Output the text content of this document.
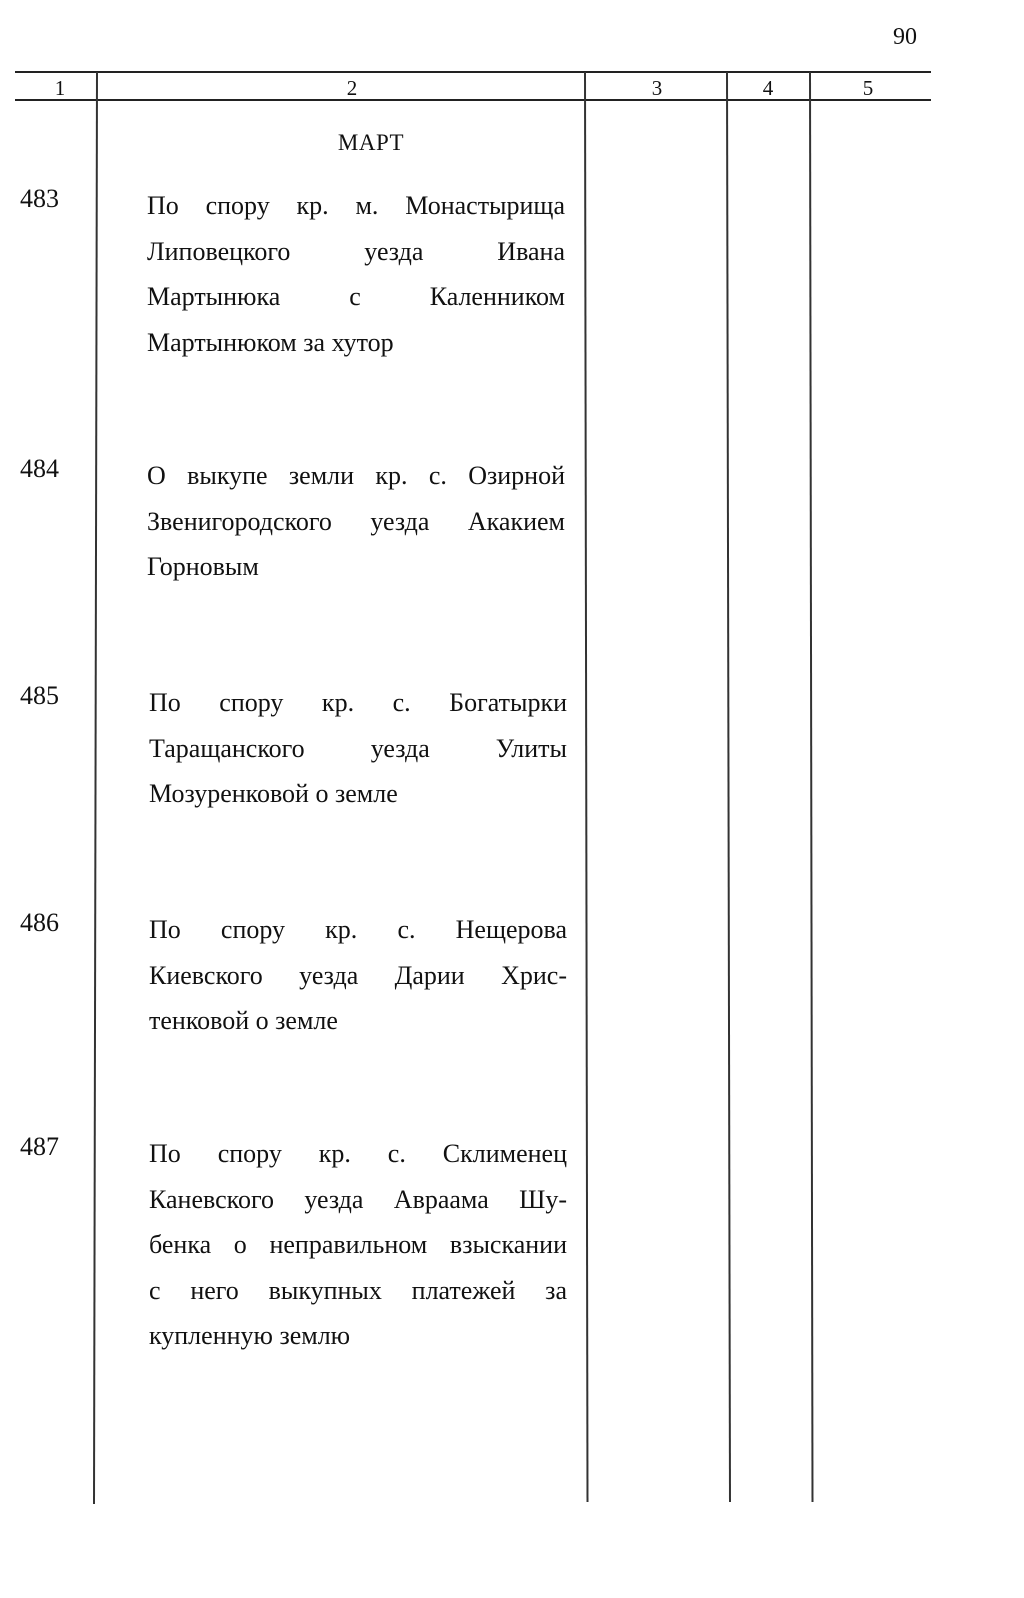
90
1	2	3	4	5
МАРТ
483	По спору кр. м. Монастырища
Липовецкого уезда Ивана
Мартынюка с Каленником
Мартынюком за хутор
484	О выкупе земли кр. с. Озирной
Звенигородского уезда Акакием
Горновым
485	По спору кр. с. Богатырки
Таращанского уезда Улиты
Мозуренковой о земле
486	По спору кр. с. Нещерова
Киевского уезда Дарии Хрис-
тенковой о земле
487	По спору кр. с. Склименец
Каневского уезда Авраама Шу-
бенка о неправильном взыскании
с него выкупных платежей за
купленную землю
